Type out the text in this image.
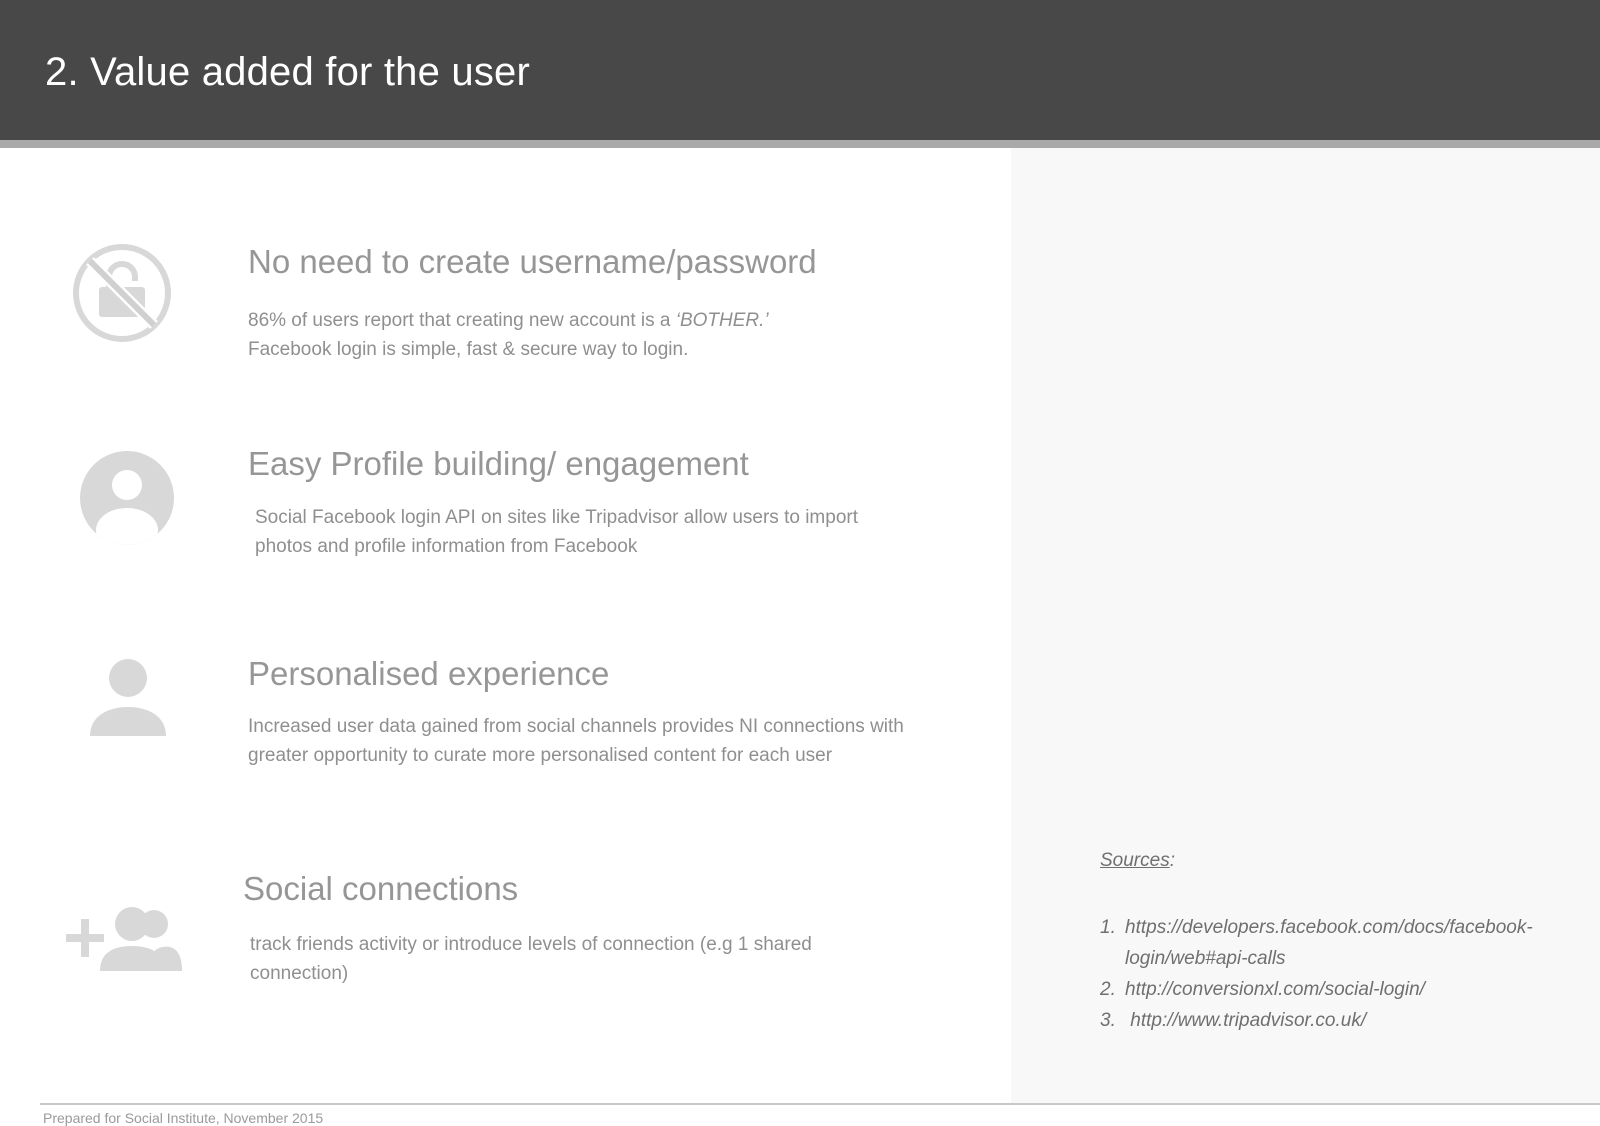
2. Value added for the user
No need to create username/password

86% of users report that creating new account is a ‘BOTHER.’
Facebook login is simple, fast & secure way to login.

Easy Profile building/ engagement

Social Facebook login API on sites like Tripadvisor allow users to import photos and profile information from Facebook

Personalised experience

Increased user data gained from social channels provides NI connections with greater opportunity to curate more personalised content for each user

Social connections

track friends activity or introduce levels of connection (e.g 1 shared connection)

Sources:

1. https://developers.facebook.com/docs/facebook-login/web#api-calls
2. http://conversionxl.com/social-login/
3. http://www.tripadvisor.co.uk/

Prepared for Social Institute, November 2015
